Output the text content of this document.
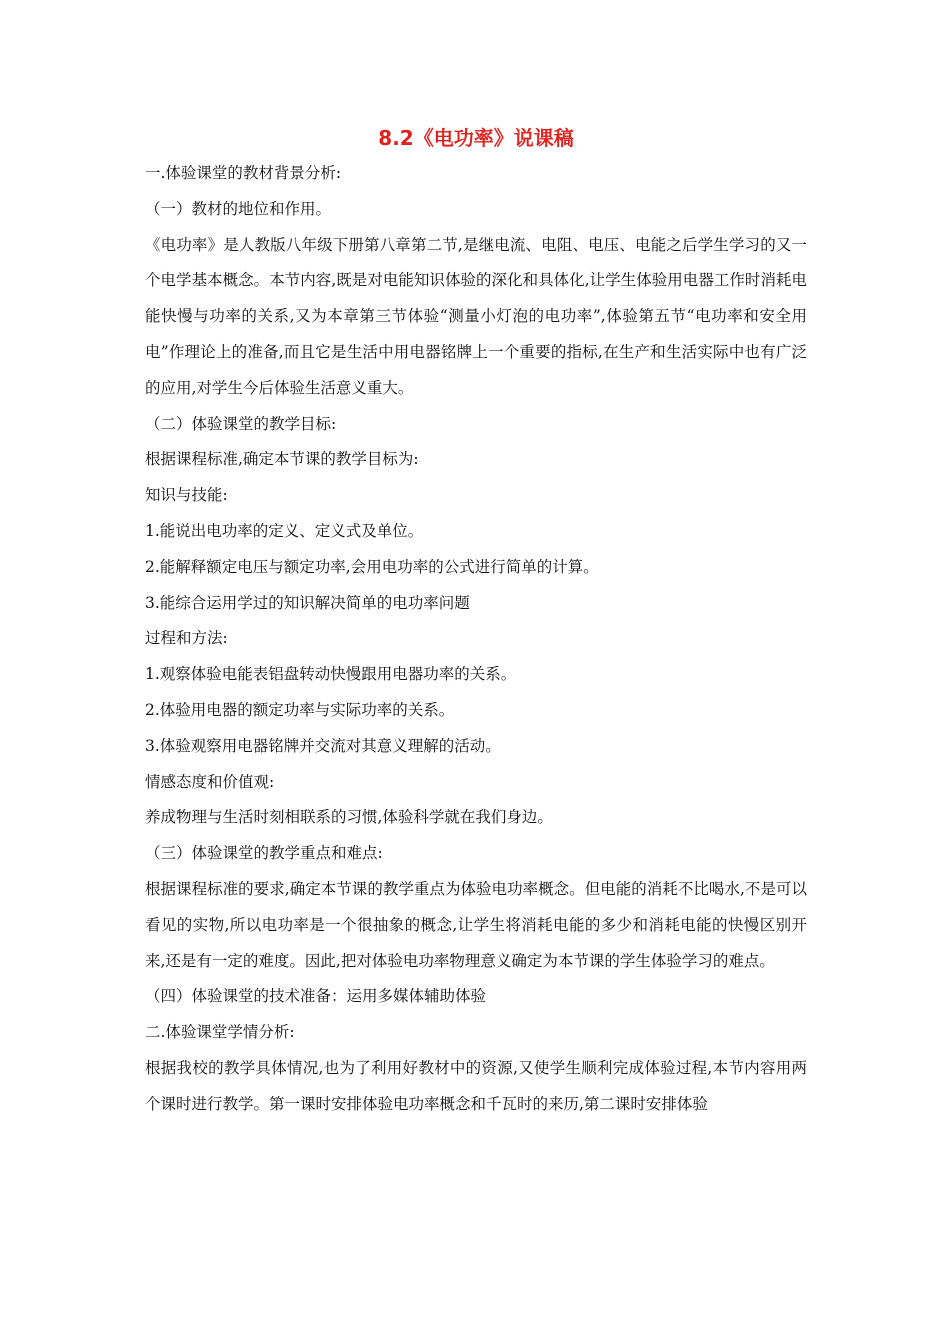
8.2《电功率》说课稿

一.体验课堂的教材背景分析:

（一）教材的地位和作用。

《电功率》是人教版八年级下册第八章第二节,是继电流、电阻、电压、电能之后学生学习的又一个电学基本概念。本节内容,既是对电能知识体验的深化和具体化,让学生体验用电器工作时消耗电能快慢与功率的关系,又为本章第三节体验“测量小灯泡的电功率”,体验第五节“电功率和安全用电”作理论上的准备,而且它是生活中用电器铭牌上一个重要的指标,在生产和生活实际中也有广泛的应用,对学生今后体验生活意义重大。

（二）体验课堂的教学目标:

根据课程标准,确定本节课的教学目标为:

知识与技能:

1.能说出电功率的定义、定义式及单位。

2.能解释额定电压与额定功率,会用电功率的公式进行简单的计算。

3.能综合运用学过的知识解决简单的电功率问题

过程和方法:

1.观察体验电能表铝盘转动快慢跟用电器功率的关系。

2.体验用电器的额定功率与实际功率的关系。

3.体验观察用电器铭牌并交流对其意义理解的活动。

情感态度和价值观:

养成物理与生活时刻相联系的习惯,体验科学就在我们身边。

（三）体验课堂的教学重点和难点:

根据课程标准的要求,确定本节课的教学重点为体验电功率概念。但电能的消耗不比喝水,不是可以看见的实物,所以电功率是一个很抽象的概念,让学生将消耗电能的多少和消耗电能的快慢区别开来,还是有一定的难度。因此,把对体验电功率物理意义确定为本节课的学生体验学习的难点。

（四）体验课堂的技术准备：运用多媒体辅助体验

二.体验课堂学情分析:

根据我校的教学具体情况,也为了利用好教材中的资源,又使学生顺利完成体验过程,本节内容用两个课时进行教学。第一课时安排体验电功率概念和千瓦时的来历,第二课时安排体验
